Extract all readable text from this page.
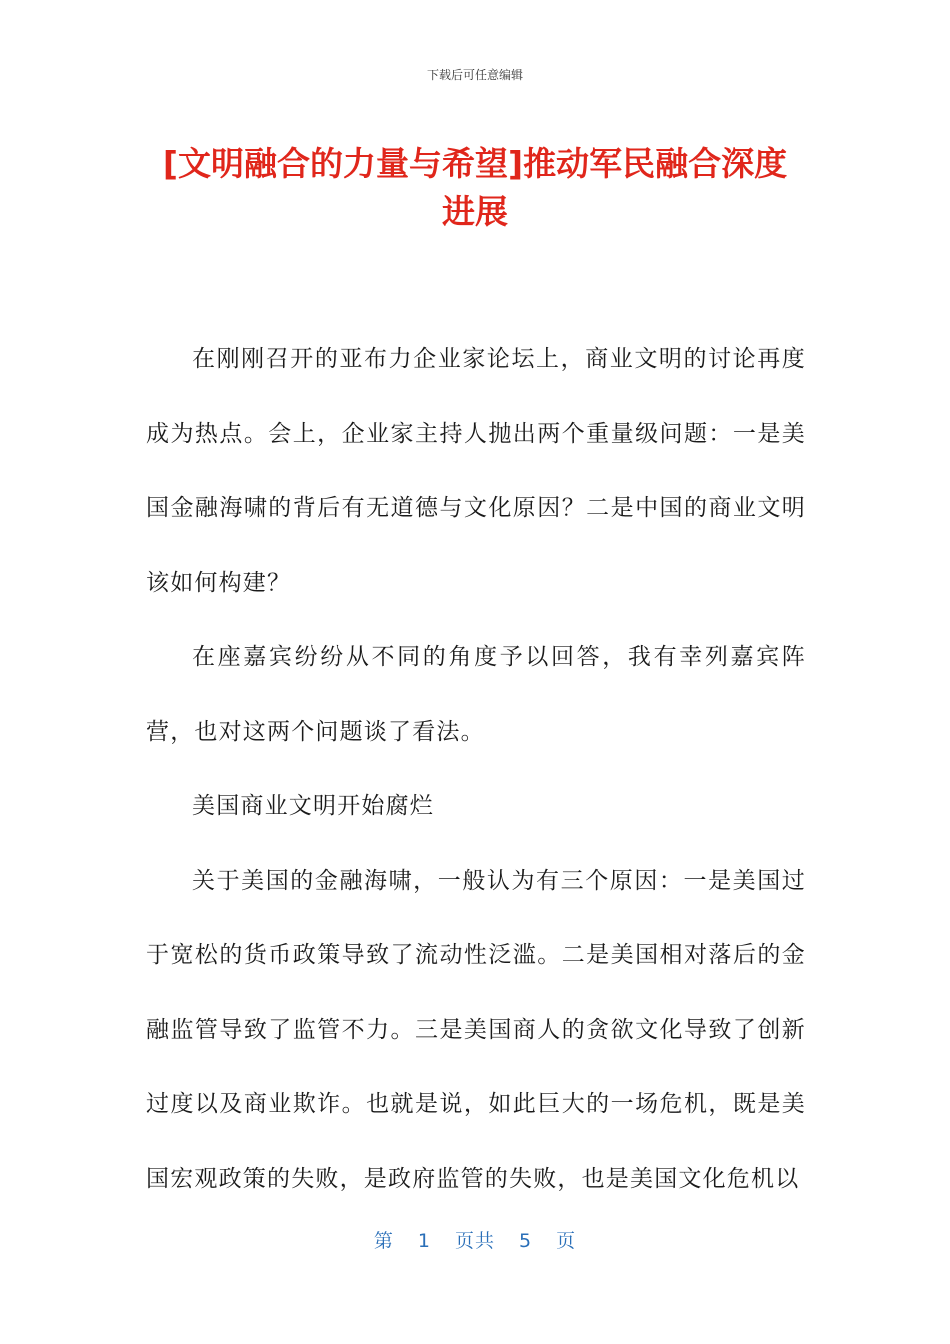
下载后可任意编辑
[文明融合的力量与希望]推动军民融合深度
进展

在刚刚召开的亚布力企业家论坛上，商业文明的讨论再度成为热点。会上，企业家主持人抛出两个重量级问题：一是美国金融海啸的背后有无道德与文化原因？二是中国的商业文明该如何构建？

在座嘉宾纷纷从不同的角度予以回答，我有幸列嘉宾阵营，也对这两个问题谈了看法。

美国商业文明开始腐烂

关于美国的金融海啸，一般认为有三个原因：一是美国过于宽松的货币政策导致了流动性泛滥。二是美国相对落后的金融监管导致了监管不力。三是美国商人的贪欲文化导致了创新过度以及商业欺诈。也就是说，如此巨大的一场危机，既是美国宏观政策的失败，是政府监管的失败，也是美国文化危机以

第 1 页共 5 页
